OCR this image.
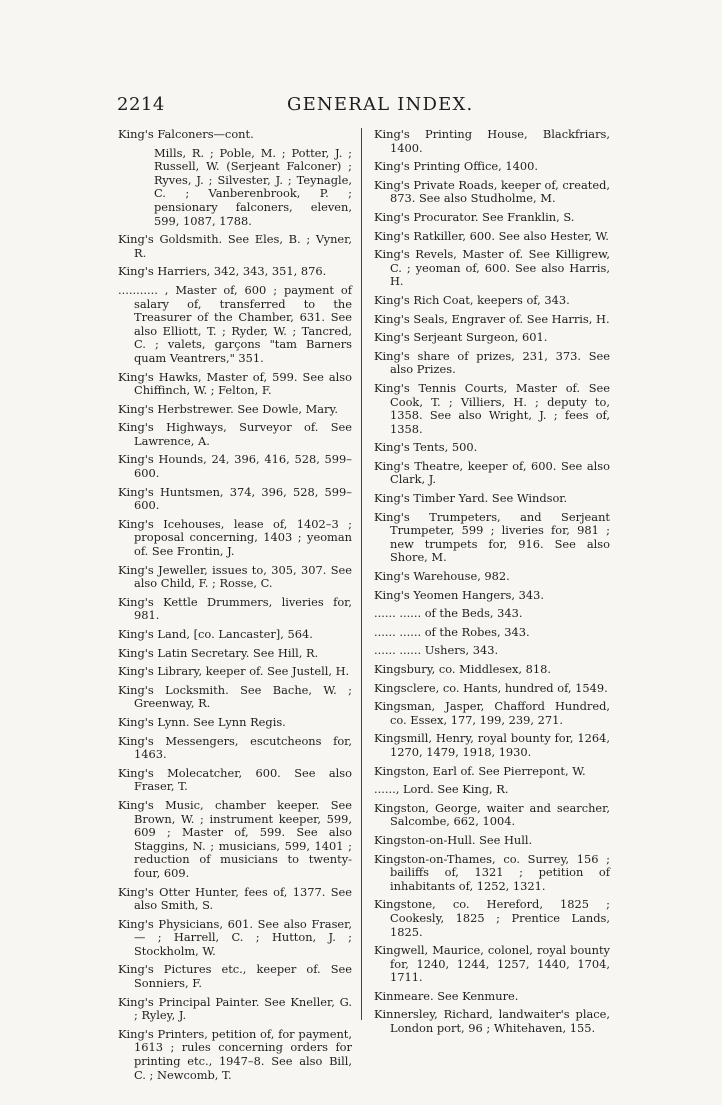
2214	GENERAL INDEX.

King's Falconers—cont.

Mills, R. ; Poble, M. ; Potter, J. ; Russell, W. (Serjeant Falconer) ; Ryves, J. ; Silvester, J. ; Teynagle, C. ; Vanberenbrook, P. ; pensionary falconers, eleven, 599, 1087, 1788.

King's Goldsmith. See Eles, B. ; Vyner, R.

King's Harriers, 342, 343, 351, 876.

........... , Master of, 600 ; payment of salary of, transferred to the Treasurer of the Chamber, 631. See also Elliott, T. ; Ryder, W. ; Tancred, C. ; valets, garçons "tam Barners quam Veantrers," 351.

King's Hawks, Master of, 599. See also Chiffinch, W. ; Felton, F.

King's Herbstrewer. See Dowle, Mary.

King's Highways, Surveyor of. See Lawrence, A.

King's Hounds, 24, 396, 416, 528, 599–600.

King's Huntsmen, 374, 396, 528, 599–600.

King's Icehouses, lease of, 1402–3 ; proposal concerning, 1403 ; yeoman of. See Frontin, J.

King's Jeweller, issues to, 305, 307. See also Child, F. ; Rosse, C.

King's Kettle Drummers, liveries for, 981.

King's Land, [co. Lancaster], 564.

King's Latin Secretary. See Hill, R.

King's Library, keeper of. See Justell, H.

King's Locksmith. See Bache, W. ; Greenway, R.

King's Lynn. See Lynn Regis.

King's Messengers, escutcheons for, 1463.

King's Molecatcher, 600. See also Fraser, T.

King's Music, chamber keeper. See Brown, W. ; instrument keeper, 599, 609 ; Master of, 599. See also Staggins, N. ; musicians, 599, 1401 ; reduction of musicians to twenty-four, 609.

King's Otter Hunter, fees of, 1377. See also Smith, S.

King's Physicians, 601. See also Fraser, — ; Harrell, C. ; Hutton, J. ; Stockholm, W.

King's Pictures etc., keeper of. See Sonniers, F.

King's Principal Painter. See Kneller, G. ; Ryley, J.

King's Printers, petition of, for payment, 1613 ; rules concerning orders for printing etc., 1947–8. See also Bill, C. ; Newcomb, T.

King's Printing House, Blackfriars, 1400.

King's Printing Office, 1400.

King's Private Roads, keeper of, created, 873. See also Studholme, M.

King's Procurator. See Franklin, S.

King's Ratkiller, 600. See also Hester, W.

King's Revels, Master of. See Killigrew, C. ; yeoman of, 600. See also Harris, H.

King's Rich Coat, keepers of, 343.

King's Seals, Engraver of. See Harris, H.

King's Serjeant Surgeon, 601.

King's share of prizes, 231, 373. See also Prizes.

King's Tennis Courts, Master of. See Cook, T. ; Villiers, H. ; deputy to, 1358. See also Wright, J. ; fees of, 1358.

King's Tents, 500.

King's Theatre, keeper of, 600. See also Clark, J.

King's Timber Yard. See Windsor.

King's Trumpeters, and Serjeant Trumpeter, 599 ; liveries for, 981 ; new trumpets for, 916. See also Shore, M.

King's Warehouse, 982.

King's Yeomen Hangers, 343.

...... ...... of the Beds, 343.

...... ...... of the Robes, 343.

...... ...... Ushers, 343.

Kingsbury, co. Middlesex, 818.

Kingsclere, co. Hants, hundred of, 1549.

Kingsman, Jasper, Chafford Hundred, co. Essex, 177, 199, 239, 271.

Kingsmill, Henry, royal bounty for, 1264, 1270, 1479, 1918, 1930.

Kingston, Earl of. See Pierrepont, W.

......, Lord. See King, R.

Kingston, George, waiter and searcher, Salcombe, 662, 1004.

Kingston-on-Hull. See Hull.

Kingston-on-Thames, co. Surrey, 156 ; bailiffs of, 1321 ; petition of inhabitants of, 1252, 1321.

Kingstone, co. Hereford, 1825 ; Cookesly, 1825 ; Prentice Lands, 1825.

Kingwell, Maurice, colonel, royal bounty for, 1240, 1244, 1257, 1440, 1704, 1711.

Kinmeare. See Kenmure.

Kinnersley, Richard, landwaiter's place, London port, 96 ; Whitehaven, 155.
